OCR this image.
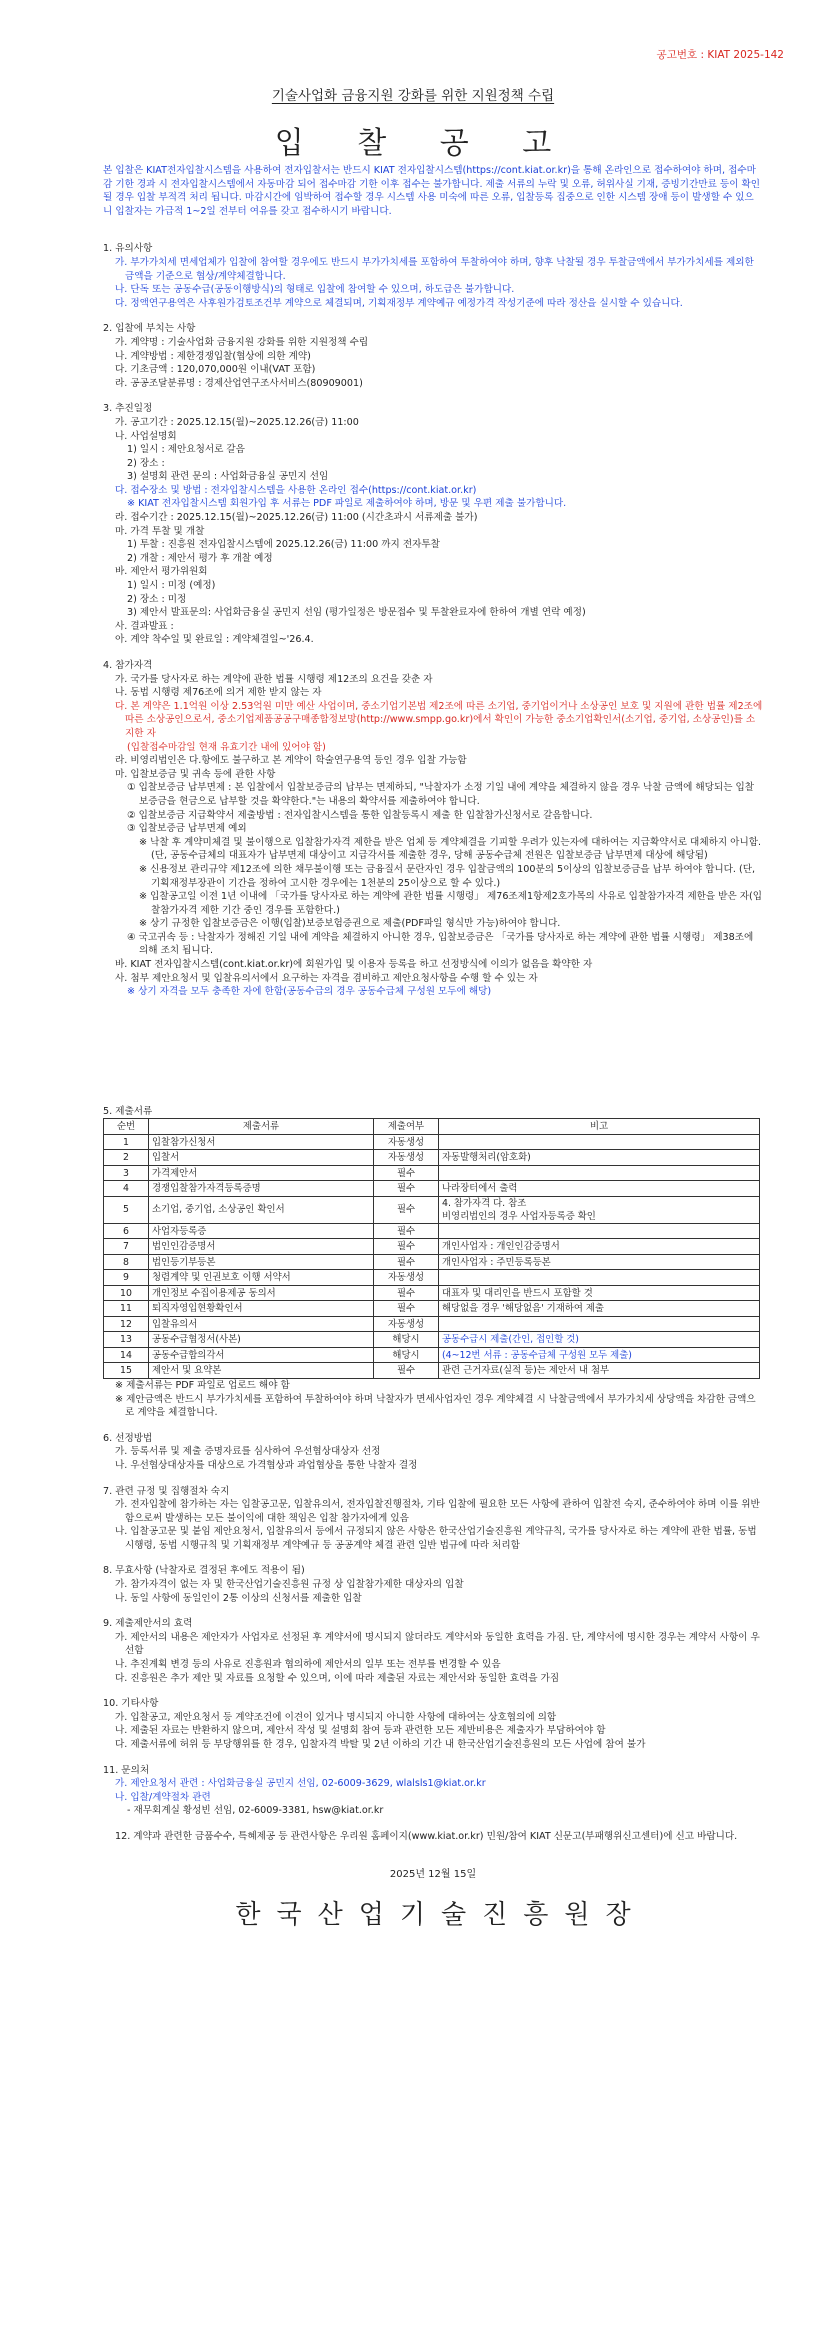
공고번호 : KIAT 2025-142
기술사업화 금융지원 강화를 위한 지원정책 수립
입 찰 공 고

본 입찰은 KIAT전자입찰시스템을 사용하여 전자입찰서는 반드시 KIAT 전자입찰시스템(https://cont.kiat.or.kr)을 통해 온라인으로 접수하여야 하며, 접수마감 기한 경과 시 전자입찰시스템에서 자동마감 되어 접수마감 기한 이후 접수는 불가합니다. 제출 서류의 누락 및 오류, 허위사실 기재, 증빙기간만료 등이 확인 될 경우 입찰 부적격 처리 됩니다. 마감시간에 임박하여 접수할 경우 시스템 사용 미숙에 따른 오류, 입찰등록 집중으로 인한 시스템 장애 등이 발생할 수 있으니 입찰자는 가급적 1~2일 전부터 여유를 갖고 접수하시기 바랍니다.

1. 유의사항

가. 부가가치세 면세업체가 입찰에 참여할 경우에도 반드시 부가가치세를 포함하여 투찰하여야 하며, 향후 낙찰될 경우 투찰금액에서 부가가치세를 제외한 금액을 기준으로 협상/계약체결합니다.

나. 단독 또는 공동수급(공동이행방식)의 형태로 입찰에 참여할 수 있으며, 하도급은 불가합니다.

다. 정액연구용역은 사후원가검토조건부 계약으로 체결되며, 기획재정부 계약예규 예정가격 작성기준에 따라 정산을 실시할 수 있습니다.

2. 입찰에 부치는 사항

가. 계약명 : 기술사업화 금융지원 강화를 위한 지원정책 수립

나. 계약방법 : 제한경쟁입찰(협상에 의한 계약)

다. 기초금액 : 120,070,000원 이내(VAT 포함)

라. 공공조달분류명 : 경제산업연구조사서비스(80909001)

3. 추진일정

가. 공고기간 : 2025.12.15(월)~2025.12.26(금) 11:00

나. 사업설명회

1) 일시 : 제안요청서로 갈음

2) 장소 :

3) 설명회 관련 문의 : 사업화금융실 공민지 선임

다. 접수장소 및 방법 : 전자입찰시스템을 사용한 온라인 접수(https://cont.kiat.or.kr)

※ KIAT 전자입찰시스템 회원가입 후 서류는 PDF 파일로 제출하여야 하며, 방문 및 우편 제출 불가합니다.

라. 접수기간 : 2025.12.15(월)~2025.12.26(금) 11:00 (시간초과시 서류제출 불가)

마. 가격 투찰 및 개찰

1) 투찰 : 진흥원 전자입찰시스템에 2025.12.26(금) 11:00 까지 전자투찰

2) 개찰 : 제안서 평가 후 개찰 예정

바. 제안서 평가위원회

1) 일시 : 미정 (예정)

2) 장소 : 미정

3) 제안서 발표문의: 사업화금융실 공민지 선임 (평가일정은 방문접수 및 투찰완료자에 한하여 개별 연락 예정)

사. 결과발표 :

아. 계약 착수일 및 완료일 : 계약체결일~'26.4.

4. 참가자격

가. 국가를 당사자로 하는 계약에 관한 법률 시행령 제12조의 요건을 갖춘 자

나. 동법 시행령 제76조에 의거 제한 받지 않는 자

다. 본 계약은 1.1억원 이상 2.53억원 미만 예산 사업이며, 중소기업기본법 제2조에 따른 소기업, 중기업이거나 소상공인 보호 및 지원에 관한 법률 제2조에 따른 소상공인으로서, 중소기업제품공공구매종합정보망(http://www.smpp.go.kr)에서 확인이 가능한 중소기업확인서(소기업, 중기업, 소상공인)를 소지한 자

(입찰접수마감일 현재 유효기간 내에 있어야 함)

라. 비영리법인은 다.항에도 불구하고 본 계약이 학술연구용역 등인 경우 입찰 가능함

마. 입찰보증금 및 귀속 등에 관한 사항

① 입찰보증금 납부면제 : 본 입찰에서 입찰보증금의 납부는 면제하되, "낙찰자가 소정 기일 내에 계약을 체결하지 않을 경우 낙찰 금액에 해당되는 입찰보증금을 현금으로 납부할 것을 확약한다."는 내용의 확약서를 제출하여야 합니다.

② 입찰보증금 지급확약서 제출방법 : 전자입찰시스템을 통한 입찰등록시 제출 한 입찰참가신청서로 갈음합니다.

③ 입찰보증금 납부면제 예외

※ 낙찰 후 계약미체결 및 불이행으로 입찰참가자격 제한을 받은 업체 등 계약체결을 기피할 우려가 있는자에 대하여는 지급확약서로 대체하지 아니함. (단, 공동수급체의 대표자가 납부면제 대상이고 지급각서를 제출한 경우, 당해 공동수급체 전원은 입찰보증금 납부면제 대상에 해당됨)

※ 신용정보 관리규약 제12조에 의한 채무불이행 또는 금융질서 문란자인 경우 입찰금액의 100분의 5이상의 입찰보증금을 납부 하여야 합니다. (단, 기획재정부장관이 기간을 정하여 고시한 경우에는 1천분의 25이상으로 할 수 있다.)

※ 입찰공고일 이전 1년 이내에 「국가를 당사자로 하는 계약에 관한 법률 시행령」 제76조제1항제2호가목의 사유로 입찰참가자격 제한을 받은 자(입찰참가자격 제한 기간 중인 경우를 포함한다.)

※ 상기 규정한 입찰보증금은 이행(입찰)보증보험증권으로 제출(PDF파일 형식만 가능)하여야 합니다.

④ 국고귀속 등 : 낙찰자가 정해진 기일 내에 계약을 체결하지 아니한 경우, 입찰보증금은 「국가를 당사자로 하는 계약에 관한 법률 시행령」 제38조에 의해 조치 됩니다.

바. KIAT 전자입찰시스템(cont.kiat.or.kr)에 회원가입 및 이용자 등록을 하고 선정방식에 이의가 없음을 확약한 자

사. 첨부 제안요청서 및 입찰유의서에서 요구하는 자격을 겸비하고 제안요청사항을 수행 할 수 있는 자

※ 상기 자격을 모두 충족한 자에 한함(공동수급의 경우 공동수급체 구성원 모두에 해당)

5. 제출서류

순번	제출서류	제출여부	비고
1	입찰참가신청서	자동생성	
2	입찰서	자동생성	자동발행처리(암호화)
3	가격제안서	필수	
4	경쟁입찰참가자격등록증명	필수	나라장터에서 출력
5	소기업, 중기업, 소상공인 확인서	필수	4. 참가자격 다. 참조
비영리법인의 경우 사업자등록증 확인
6	사업자등록증	필수	
7	법인인감증명서	필수	개인사업자 : 개인인감증명서
8	법인등기부등본	필수	개인사업자 : 주민등록등본
9	청렴계약 및 인권보호 이행 서약서	자동생성	
10	개인정보 수집이용제공 동의서	필수	대표자 및 대리인을 반드시 포함할 것
11	퇴직자영입현황확인서	필수	해당없을 경우 '해당없음' 기재하여 제출
12	입찰유의서	자동생성	
13	공동수급협정서(사본)	해당시	공동수급시 제출(간인, 접인할 것)
14	공동수급합의각서	해당시	(4~12번 서류 : 공동수급체 구성원 모두 제출)
15	제안서 및 요약본	필수	관련 근거자료(실적 등)는 제안서 내 첨부

※ 제출서류는 PDF 파일로 업로드 해야 함

※ 제안금액은 반드시 부가가치세를 포함하여 투찰하여야 하며 낙찰자가 면세사업자인 경우 계약체결 시 낙찰금액에서 부가가치세 상당액을 차감한 금액으로 계약을 체결합니다.

6. 선정방법

가. 등록서류 및 제출 증명자료를 심사하여 우선협상대상자 선정

나. 우선협상대상자를 대상으로 가격협상과 과업협상을 통한 낙찰자 결정

7. 관련 규정 및 집행절차 숙지

가. 전자입찰에 참가하는 자는 입찰공고문, 입찰유의서, 전자입찰진행절차, 기타 입찰에 필요한 모든 사항에 관하여 입찰전 숙지, 준수하여야 하며 이를 위반함으로써 발생하는 모든 불이익에 대한 책임은 입찰 참가자에게 있음

나. 입찰공고문 및 붙임 제안요청서, 입찰유의서 등에서 규정되지 않은 사항은 한국산업기술진흥원 계약규칙, 국가를 당사자로 하는 계약에 관한 법률, 동법 시행령, 동법 시행규칙 및 기획재정부 계약예규 등 공공계약 체결 관련 일반 법규에 따라 처리함

8. 무효사항 (낙찰자로 결정된 후에도 적용이 됨)

가. 참가자격이 없는 자 및 한국산업기술진흥원 규정 상 입찰참가제한 대상자의 입찰

나. 동일 사항에 동일인이 2통 이상의 신청서를 제출한 입찰

9. 제출제안서의 효력

가. 제안서의 내용은 제안자가 사업자로 선정된 후 계약서에 명시되지 않더라도 계약서와 동일한 효력을 가짐. 단, 계약서에 명시한 경우는 계약서 사항이 우선함

나. 추진계획 변경 등의 사유로 진흥원과 협의하에 제안서의 일부 또는 전부를 변경할 수 있음

다. 진흥원은 추가 제안 및 자료를 요청할 수 있으며, 이에 따라 제출된 자료는 제안서와 동일한 효력을 가짐

10. 기타사항

가. 입찰공고, 제안요청서 등 계약조건에 이견이 있거나 명시되지 아니한 사항에 대하여는 상호협의에 의함

나. 제출된 자료는 반환하지 않으며, 제안서 작성 및 설명회 참여 등과 관련한 모든 제반비용은 제출자가 부담하여야 함

다. 제출서류에 허위 등 부당행위를 한 경우, 입찰자격 박탈 및 2년 이하의 기간 내 한국산업기술진흥원의 모든 사업에 참여 불가

11. 문의처

가. 제안요청서 관련 : 사업화금융실 공민지 선임, 02-6009-3629, wlalsls1@kiat.or.kr

나. 입찰/계약절차 관련

- 재무회계실 황성빈 선임, 02-6009-3381, hsw@kiat.or.kr

12. 계약과 관련한 금품수수, 특혜제공 등 관련사항은 우리원 홈페이지(www.kiat.or.kr) 민원/참여 KIAT 신문고(부패행위신고센터)에 신고 바랍니다.

2025년 12월 15일

한국산업기술진흥원장
